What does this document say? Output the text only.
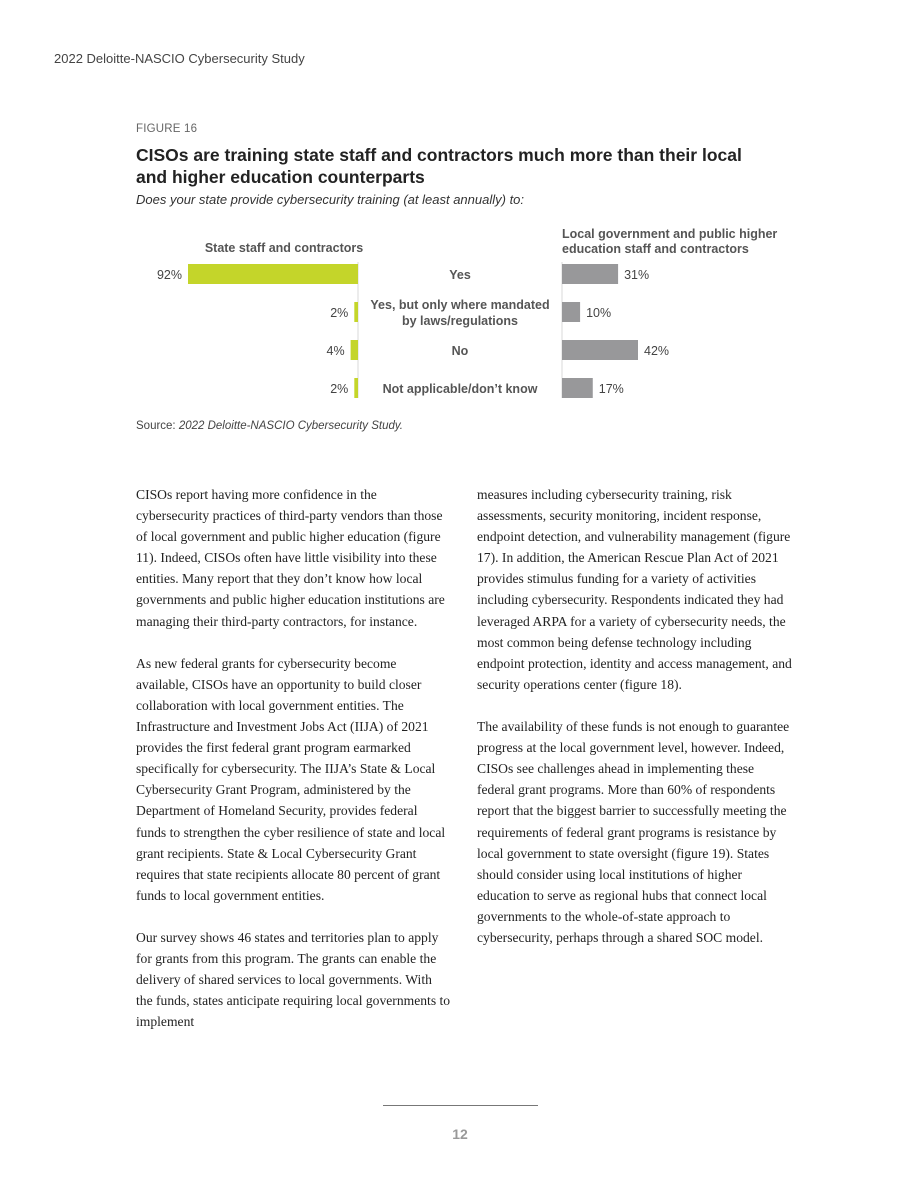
2022 Deloitte-NASCIO Cybersecurity Study
FIGURE 16
CISOs are training state staff and contractors much more than their local and higher education counterparts
Does your state provide cybersecurity training (at least annually) to:
State staff and contractors
Local government and public higher
education staff and contractors
92%	31%
Yes
2%	10%
Yes, but only where mandated
by laws/regulations
4%	42%
No
2%	17%
Not applicable/don’t know
Source: 2022 Deloitte-NASCIO Cybersecurity Study.

CISOs report having more confidence in the cybersecurity practices of third-party vendors than those of local government and public higher education (figure 11). Indeed, CISOs often have little visibility into these entities. Many report that they don’t know how local governments and public higher education institutions are managing their third-party contractors, for instance.

As new federal grants for cybersecurity become available, CISOs have an opportunity to build closer collaboration with local government entities. The Infrastructure and Investment Jobs Act (IIJA) of 2021 provides the first federal grant program earmarked specifically for cybersecurity. The IIJA’s State & Local Cybersecurity Grant Program, administered by the Department of Homeland Security, provides federal funds to strengthen the cyber resilience of state and local grant recipients. State & Local Cybersecurity Grant requires that state recipients allocate 80 percent of grant funds to local government entities.

Our survey shows 46 states and territories plan to apply for grants from this program. The grants can enable the delivery of shared services to local governments. With the funds, states anticipate requiring local governments to implement

measures including cybersecurity training, risk assessments, security monitoring, incident response, endpoint detection, and vulnerability management (figure 17). In addition, the American Rescue Plan Act of 2021 provides stimulus funding for a variety of activities including cybersecurity. Respondents indicated they had leveraged ARPA for a variety of cybersecurity needs, the most common being defense technology including endpoint protection, identity and access management, and security operations center (figure 18).

The availability of these funds is not enough to guarantee progress at the local government level, however. Indeed, CISOs see challenges ahead in implementing these federal grant programs. More than 60% of respondents report that the biggest barrier to successfully meeting the requirements of federal grant programs is resistance by local government to state oversight (figure 19). States should consider using local institutions of higher education to serve as regional hubs that connect local governments to the whole-of-state approach to cybersecurity, perhaps through a shared SOC model.

12
